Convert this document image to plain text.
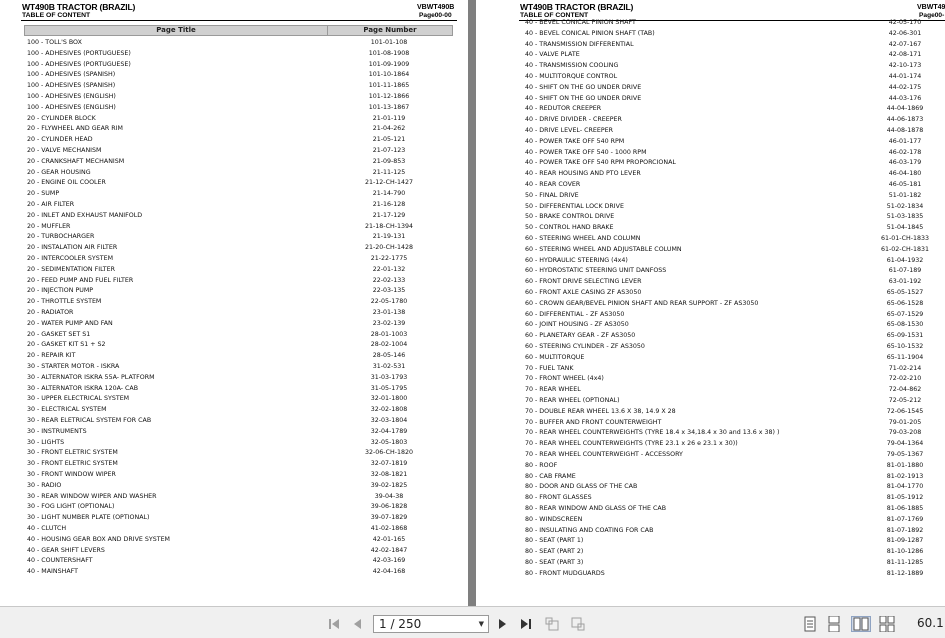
WT490B TRACTOR (BRAZIL)	VBWT490B
TABLE OF CONTENT	Page00-00
Page Title	Page Number
100 - TOLL'S BOX	101-01-108
100 - ADHESIVES (PORTUGUESE)	101-08-1908
100 - ADHESIVES (PORTUGUESE)	101-09-1909
100 - ADHESIVES (SPANISH)	101-10-1864
100 - ADHESIVES (SPANISH)	101-11-1865
100 - ADHESIVES (ENGLISH)	101-12-1866
100 - ADHESIVES (ENGLISH)	101-13-1867
20 - CYLINDER BLOCK	21-01-119
20 - FLYWHEEL AND GEAR RIM	21-04-262
20 - CYLINDER HEAD	21-05-121
20 - VALVE MECHANISM	21-07-123
20 - CRANKSHAFT MECHANISM	21-09-853
20 - GEAR HOUSING	21-11-125
20 - ENGINE OIL COOLER	21-12-CH-1427
20 - SUMP	21-14-790
20 - AIR FILTER	21-16-128
20 - INLET AND EXHAUST MANIFOLD	21-17-129
20 - MUFFLER	21-18-CH-1394
20 - TURBOCHARGER	21-19-131
20 - INSTALATION AIR FILTER	21-20-CH-1428
20 - INTERCOOLER SYSTEM	21-22-1775
20 - SEDIMENTATION FILTER	22-01-132
20 - FEED PUMP AND FUEL FILTER	22-02-133
20 - INJECTION PUMP	22-03-135
20 - THROTTLE SYSTEM	22-05-1780
20 - RADIATOR	23-01-138
20 - WATER PUMP AND FAN	23-02-139
20 - GASKET SET S1	28-01-1003
20 - GASKET KIT S1 + S2	28-02-1004
20 - REPAIR KIT	28-05-146
30 - STARTER MOTOR - ISKRA	31-02-531
30 - ALTERNATOR ISKRA 55A- PLATFORM	31-03-1793
30 - ALTERNATOR ISKRA 120A- CAB	31-05-1795
30 - UPPER ELECTRICAL SYSTEM	32-01-1800
30 - ELECTRICAL SYSTEM	32-02-1808
30 - REAR ELETRICAL SYSTEM FOR CAB	32-03-1804
30 - INSTRUMENTS	32-04-1789
30 - LIGHTS	32-05-1803
30 - FRONT ELETRIC SYSTEM	32-06-CH-1820
30 - FRONT ELETRIC SYSTEM	32-07-1819
30 - FRONT WINDOW WIPER	32-08-1821
30 - RADIO	39-02-1825
30 - REAR WINDOW WIPER AND WASHER	39-04-38
30 - FOG LIGHT (OPTIONAL)	39-06-1828
30 - LIGHT NUMBER PLATE (OPTIONAL)	39-07-1829
40 - CLUTCH	41-02-1868
40 - HOUSING GEAR BOX AND DRIVE SYSTEM	42-01-165
40 - GEAR SHIFT LEVERS	42-02-1847
40 - COUNTERSHAFT	42-03-169
40 - MAINSHAFT	42-04-168
WT490B TRACTOR (BRAZIL)	VBWT49
TABLE OF CONTENT	Page00-
40 - BEVEL CONICAL PINION SHAFT	42-05-170
40 - BEVEL CONICAL PINION SHAFT (TAB)	42-06-301
40 - TRANSMISSION DIFFERENTIAL	42-07-167
40 - VALVE PLATE	42-08-171
40 - TRANSMISSION COOLING	42-10-173
40 - MULTITORQUE CONTROL	44-01-174
40 - SHIFT ON THE GO UNDER DRIVE	44-02-175
40 - SHIFT ON THE GO UNDER DRIVE	44-03-176
40 - REDUTOR CREEPER	44-04-1869
40 - DRIVE DIVIDER - CREEPER	44-06-1873
40 - DRIVE LEVEL- CREEPER	44-08-1878
40 - POWER TAKE OFF 540 RPM	46-01-177
40 - POWER TAKE OFF 540 - 1000 RPM	46-02-178
40 - POWER TAKE OFF 540 RPM PROPORCIONAL	46-03-179
40 - REAR HOUSING AND PTO LEVER	46-04-180
40 - REAR COVER	46-05-181
50 - FINAL DRIVE	51-01-182
50 - DIFFERENTIAL LOCK DRIVE	51-02-1834
50 - BRAKE CONTROL DRIVE	51-03-1835
50 - CONTROL HAND BRAKE	51-04-1845
60 - STEERING WHEEL AND COLUMN	61-01-CH-1833
60 - STEERING WHEEL AND ADJUSTABLE COLUMN	61-02-CH-1831
60 - HYDRAULIC STEERING (4x4)	61-04-1932
60 - HYDROSTATIC STEERING UNIT DANFOSS	61-07-189
60 - FRONT DRIVE SELECTING LEVER	63-01-192
60 - FRONT AXLE CASING ZF AS3050	65-05-1527
60 - CROWN GEAR/BEVEL PINION SHAFT AND REAR SUPPORT - ZF AS3050	65-06-1528
60 - DIFFERENTIAL - ZF AS3050	65-07-1529
60 - JOINT HOUSING - ZF AS3050	65-08-1530
60 - PLANETARY GEAR - ZF AS3050	65-09-1531
60 - STEERING CYLINDER - ZF AS3050	65-10-1532
60 - MULTITORQUE	65-11-1904
70 - FUEL TANK	71-02-214
70 - FRONT WHEEL (4x4)	72-02-210
70 - REAR WHEEL	72-04-862
70 - REAR WHEEL (OPTIONAL)	72-05-212
70 - DOUBLE REAR WHEEL 13.6 X 38, 14.9 X 28	72-06-1545
70 - BUFFER AND FRONT COUNTERWEIGHT	79-01-205
70 - REAR WHEEL COUNTERWEIGHTS (TYRE 18.4 x 34,18.4 x 30 and 13.6 x 38) )	79-03-208
70 - REAR WHEEL COUNTERWEIGHTS (TYRE 23.1 x 26 e 23.1 x 30))	79-04-1364
70 - REAR WHEEL COUNTERWEIGHT - ACCESSORY	79-05-1367
80 - ROOF	81-01-1880
80 - CAB FRAME	81-02-1913
80 - DOOR AND GLASS OF THE CAB	81-04-1770
80 - FRONT GLASSES	81-05-1912
80 - REAR WINDOW AND GLASS OF THE CAB	81-06-1885
80 - WINDSCREEN	81-07-1769
80 - INSULATING AND COATING FOR CAB	81-07-1892
80 - SEAT (PART 1)	81-09-1287
80 - SEAT (PART 2)	81-10-1286
80 - SEAT (PART 3)	81-11-1285
80 - FRONT MUDGUARDS	81-12-1889
1 / 250	▼	60.1
